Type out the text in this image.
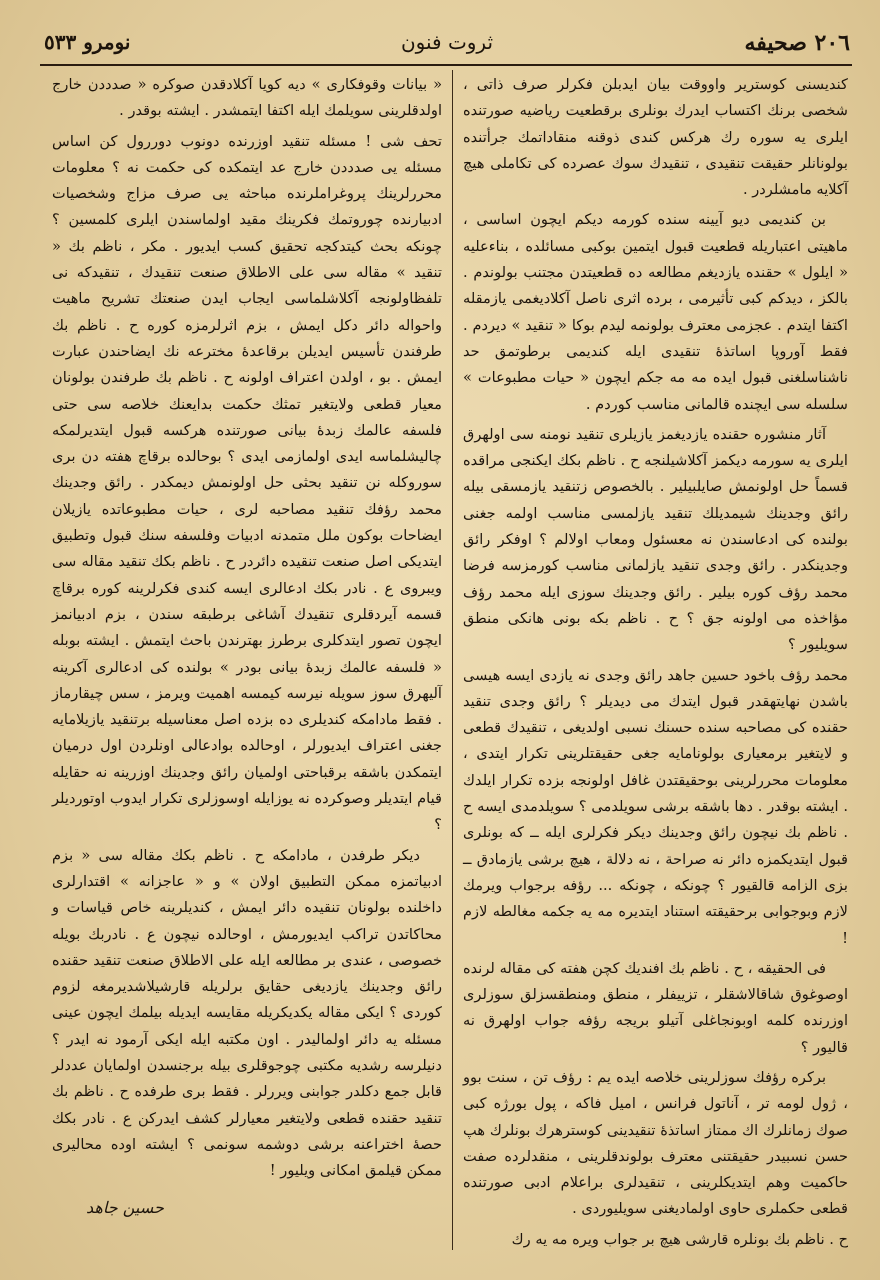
٢٠٦ صحيفه
ثروت فنون
نومرو ٥٣٣

كنديسنى كوسترير واووقت بيان ايدبلن فكرلر صرف ذاتى ، شخصى برنك اكتساب ايدرك بونلرى برقطعيت رياضيه صورتنده ايلرى يه سوره رك هركس كندى ذوقنه منقاداتمك جرأتنده بولونانلر حقيقت تنقيدى ، تنقيدك سوك عصرده كى تكاملى هيچ آكلايه مامشلردر .

بن كنديمى ديو آيينه سنده كورمه ديكم ايچون اساسى ، ماهيتى اعتباريله قطعيت قبول ايتمين بوكبى مسائلده ، بناءعليه « ايلول » حقنده يازديغم مطالعه ده قطعيتدن مجتنب بولوندم . بالكز ، ديدكم كبى تأثيرمى ، برده اثرى ناصل آكلاديغمى يازمقله اكتفا ايتدم . عجزمى معترف بولونمه ليدم بوكا « تنقيد » ديردم . فقط آوروپا اساتذهٔ تنقيدى ايله كنديمى برطوتمق حد ناشناسلغنى قبول ايده مه مه جكم ايچون « حيات مطبوعات » سلسله سى ايچنده قالمانى مناسب كوردم .

آثار منشوره حقنده يازديغمز يازيلرى تنقيد نومنه سى اولهرق ايلرى يه سورمه ديكمز آكلاشيلنجه ح . ناظم بكك ايكنجى مراقده قسماً حل اولونمش صايلبيلير . بالخصوص زتنقيد يازمسقى بيله رائق وجدينك شيمديلك تنقيد يازلمسى مناسب اولمه جغنى بولنده كى ادعاسندن نه معسئول ومعاب اولالم ؟ اوفكر رائق وجدينكدر . رائق وجدى تنقيد يازلمانى مناسب كورمزسه فرضا محمد رؤف كوره بيلير . رائق وجدينك سوزى ايله محمد رؤف مؤاخذه مى اولونه جق ؟ ح . ناظم بكه بونى هانكى منطق سويليور ؟

محمد رؤف باخود حسين جاهد رائق وجدى نه يازدى ايسه هيسى باشدن نهايتهقدر قبول ايتدك مى ديديلر ؟ رائق وجدى تنقيد حقنده كى مصاحبه سنده حسنك نسبى اولديغى ، تنقيدك قطعى و لايتغير برمعيارى بولونامايه جغى حقيقتلرينى تكرار ايتدى ، معلومات محررلرينى بوحقيقتدن غافل اولونجه بزده تكرار ايلدك . ايشته بوقدر . دها باشقه برشى سويلدمى ؟ سويلدمدى ايسه ح . ناظم بك نيچون رائق وجدينك ديكر فكرلرى ايله ــ كه بونلرى قبول ايتديكمزه دائر نه صراحة ، نه دلالة ، هيچ برشى يازمادق ــ بزى الزامه قالقيور ؟ چونكه ، چونكه ... رؤفه برجواب ويرمك لازم وبوجوابى برحقيقته استناد ايتديره مه يه جكمه مغالطه لازم !

فى الحقيقه ، ح . ناظم بك افنديك كچن هفته كى مقاله لرنده اوصوغوق شاقالاشقلر ، تزييفلر ، منطق ومنطقسزلق سوزلرى اوزرنده كلمه اوبونجاغلى آتيلو بريجه رؤفه جواب اولهرق نه قاليور ؟

بركره رؤفك سوزلرينى خلاصه ايده يم : رؤف تن ، سنت بوو ، ژول لومه تر ، آناتول فرانس ، اميل فاكه ، پول بورژه كبى صوك زمانلرك اك ممتاز اساتذهٔ تنقيدينى كوسترهرك بونلرك هپ حسن نسبيدر حقيقتنى معترف بولوندقلرينى ، منقدلرده صفت حاكميت وهم ايتديكلرينى ، تنقيدلرى براعلام ادبى صورتنده قطعى حكملرى حاوى اولماديغنى سويليوردى .

ح . ناظم بك بونلره قارشى هيچ بر جواب ويره مه يه رك

« بيانات وقوفكارى » ديه كويا آكلادقدن صوكره « صدددن خارج اولدقلرينى سويلمك ايله اكتفا ايتمشدر . ايشته بوقدر .

تحف شى ! مسئله تنقيد اوزرنده دونوب دوررول كن اساس مسئله يى صدددن خارج عد ايتمكده كى حكمت نه ؟ معلومات محررلرينك پروغراملرنده مباحثه يى صرف مزاج وشخصيات ادبيارنده چوروتمك فكرينك مقيد اولماسندن ايلرى كلمسين ؟ چونكه بحث كيتدكجه تحقيق كسب ايديور . مكر ، ناظم بك « تنقيد » مقاله سى على الاطلاق صنعت تنقيدك ، تنقيدكه نى تلفظاولونجه آكلاشلماسى ايجاب ايدن صنعتك تشريح ماهيت واحواله دائر دكل ايمش ، بزم اثرلرمزه كوره ح . ناظم بك طرفندن تأسيس ايديلن برقاعدهٔ مخترعه نك ايضاحندن عبارت ايمش . بو ، اولدن اعتراف اولونه ح . ناظم بك طرفندن بولونان معيار قطعى ولايتغير تمثك حكمت بدايعنك خلاصه سى حتى فلسفه عالمك زبدهٔ بيانى صورتنده هركسه قبول ايتديرلمكه چاليشلماسه ايدى اولمازمى ايدى ؟ بوحالده برقاچ هفته دن برى سوروكله نن تنقيد بحثى حل اولونمش ديمكدر . رائق وجدينك محمد رؤفك تنقيد مصاحبه لرى ، حيات مطبوعاتده يازيلان ايضاحات بوكون ملل متمدنه ادبيات وفلسفه سنك قبول وتطبيق ايتديكى اصل صنعت تنقيده دائردر ح . ناظم بكك تنقيد مقاله سى ويبروى ع . نادر بكك ادعالرى ايسه كندى فكرلرينه كوره برقاچ قسمه آيردقلرى تنقيدك آشاغى برطبقه سندن ، بزم ادبيانمز ايچون تصور ايتدكلرى برطرز بهترندن باحث ايتمش . ايشته بوبله « فلسفه عالمك زبدهٔ بيانى بودر » بولنده كى ادعالرى آكرينه آليهرق سوز سويله نيرسه كيمسه اهميت ويرمز ، سس چيقارماز . فقط مادامكه كنديلرى ده بزده اصل معناسيله برتنقيد يازيلامايه جغنى اعتراف ايديورلر ، اوحالده بوادعالى اونلردن اول درميان ايتمكدن باشقه برقباحتى اولميان رائق وجدينك اوزرينه نه حقايله قيام ايتديلر وصوكرده نه يوزايله اوسوزلرى تكرار ايدوب اوتورديلر ؟

ديكر طرفدن ، مادامكه ح . ناظم بكك مقاله سى « بزم ادبياتمزه ممكن التطبيق اولان » و « عاجزانه » اقتدارلرى داخلنده بولونان تنقيده دائر ايمش ، كنديلرينه خاص قياسات و محاكاتدن تراكب ايديورمش ، اوحالده نيچون ع . نادربك بويله خصوصى ، عندى بر مطالعه ايله على الاطلاق صنعت تنقيد حقنده رائق وجدينك يازديغى حقايق برلريله قارشيلاشديرمغه لزوم كوردى ؟ ايكى مقاله يكديكريله مقايسه ايديله بيلمك ايچون عينى مسئله يه دائر اولماليدر . اون مكتبه ايله ايكى آرمود نه ايدر ؟ دنيلرسه رشديه مكتبى چوجوقلرى بيله برجنسدن اولمايان عددلر قابل جمع دكلدر جوابنى ويررلر . فقط برى طرفده ح . ناظم بك تنقيد حقنده قطعى ولايتغير معيارلر كشف ايدركن ع . نادر بكك حصهٔ اختراعنه برشى دوشمه سونمى ؟ ايشته اوده محاليرى ممكن قيلمق امكانى ويليور !

حسين جاهد
